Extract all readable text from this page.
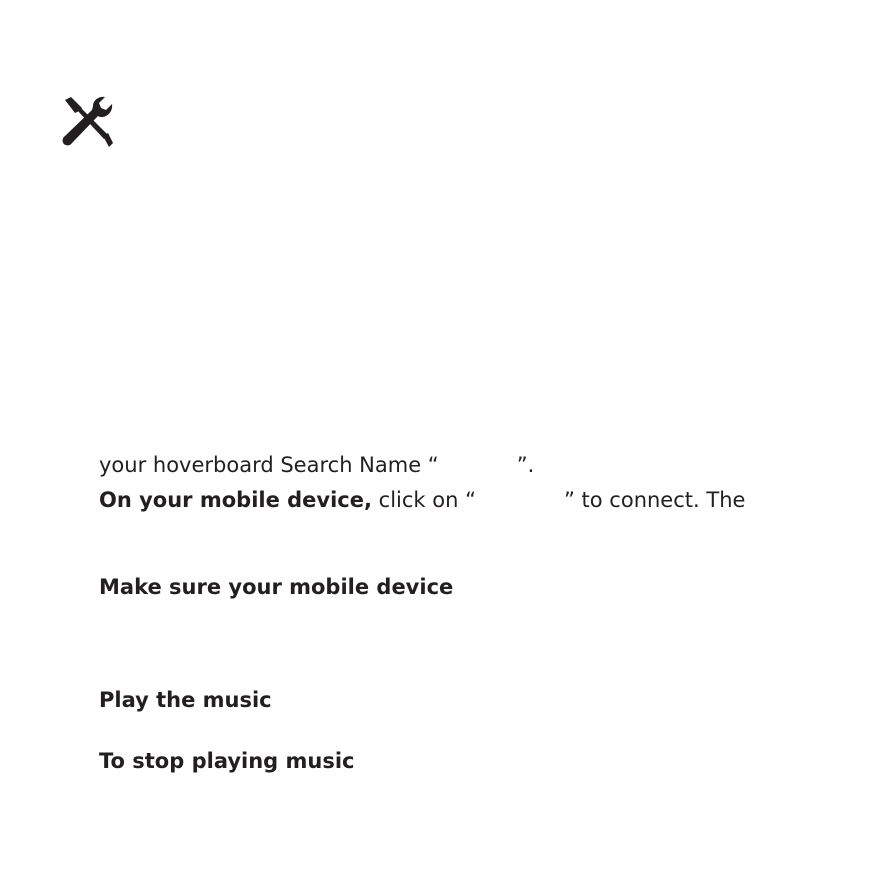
your hoverboard Search Name “	”.
On your mobile device, click on “	” to connect. The
Make sure your mobile device
Play the music
To stop playing music
